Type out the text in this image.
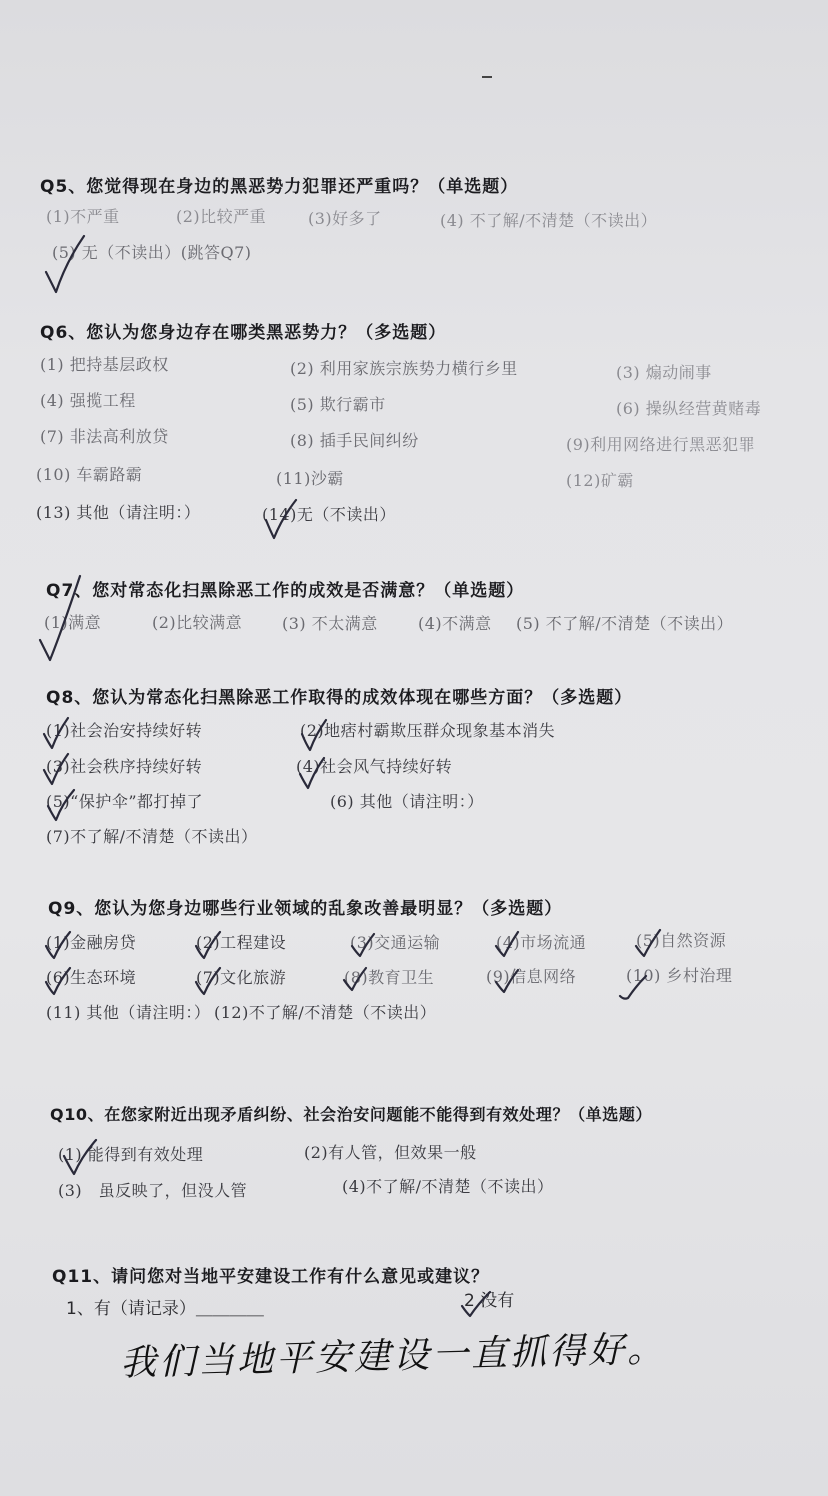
Q5、您觉得现在身边的黑恶势力犯罪还严重吗？（单选题）
(1)不严重	(2)比较严重	(3)好多了	(4) 不了解/不清楚（不读出）
(5) 无（不读出）(跳答Q7)
Q6、您认为您身边存在哪类黑恶势力？（多选题）
(1) 把持基层政权	(2) 利用家族宗族势力横行乡里	(3) 煽动闹事
(4) 强揽工程	(5) 欺行霸市	(6) 操纵经营黄赌毒
(7) 非法高利放贷	(8) 插手民间纠纷	(9)利用网络进行黑恶犯罪
(10) 车霸路霸	(11)沙霸	(12)矿霸
(13) 其他（请注明：）	(14)无（不读出）
Q7、您对常态化扫黑除恶工作的成效是否满意？（单选题）
(1)满意	(2)比较满意 (3) 不太满意	(4)不满意 (5) 不了解/不清楚（不读出）
Q8、您认为常态化扫黑除恶工作取得的成效体现在哪些方面？（多选题）
(1)社会治安持续好转	(2)地痞村霸欺压群众现象基本消失
(3)社会秩序持续好转	(4)社会风气持续好转
(5)“保护伞”都打掉了	(6) 其他（请注明：）
(7)不了解/不清楚（不读出）
Q9、您认为您身边哪些行业领域的乱象改善最明显？（多选题）
(1)金融房贷	(2)工程建设	(3)交通运输	(4)市场流通	(5)自然资源
(6)生态环境	(7)文化旅游	(8)教育卫生	(9)信息网络	(10) 乡村治理
(11) 其他（请注明：） (12)不了解/不清楚（不读出）
Q10、在您家附近出现矛盾纠纷、社会治安问题能不能得到有效处理？（单选题）
(1) 能得到有效处理	(2)有人管，但效果一般
(3)　虽反映了，但没人管	(4)不了解/不清楚（不读出）
Q11、请问您对当地平安建设工作有什么意见或建议？
1、有（请记录）＿＿＿＿	2 没有
我们当地平安建设一直抓得好。
